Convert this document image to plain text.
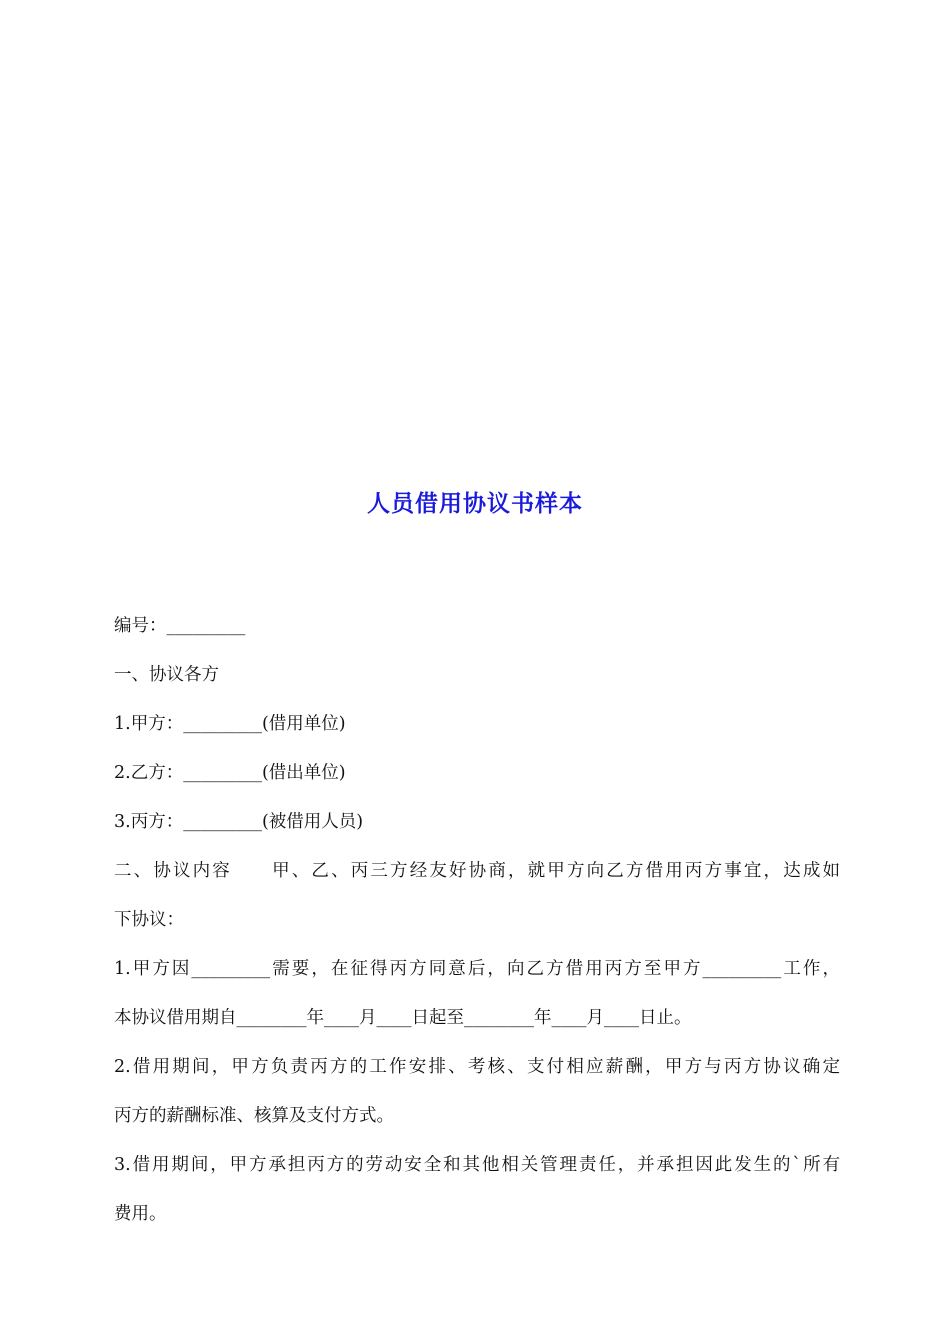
人员借用协议书样本
编号：_________
一、协议各方
1.甲方：_________(借用单位)
2.乙方：_________(借出单位)
3.丙方：_________(被借用人员)
二、协议内容 甲、乙、丙三方经友好协商，就甲方向乙方借用丙方事宜，达成如
下协议：
1.甲方因_________需要，在征得丙方同意后，向乙方借用丙方至甲方_________工作，
本协议借用期自________年____月____日起至________年____月____日止。
2.借用期间，甲方负责丙方的工作安排、考核、支付相应薪酬，甲方与丙方协议确定
丙方的薪酬标准、核算及支付方式。
3.借用期间，甲方承担丙方的劳动安全和其他相关管理责任，并承担因此发生的`所有
费用。
